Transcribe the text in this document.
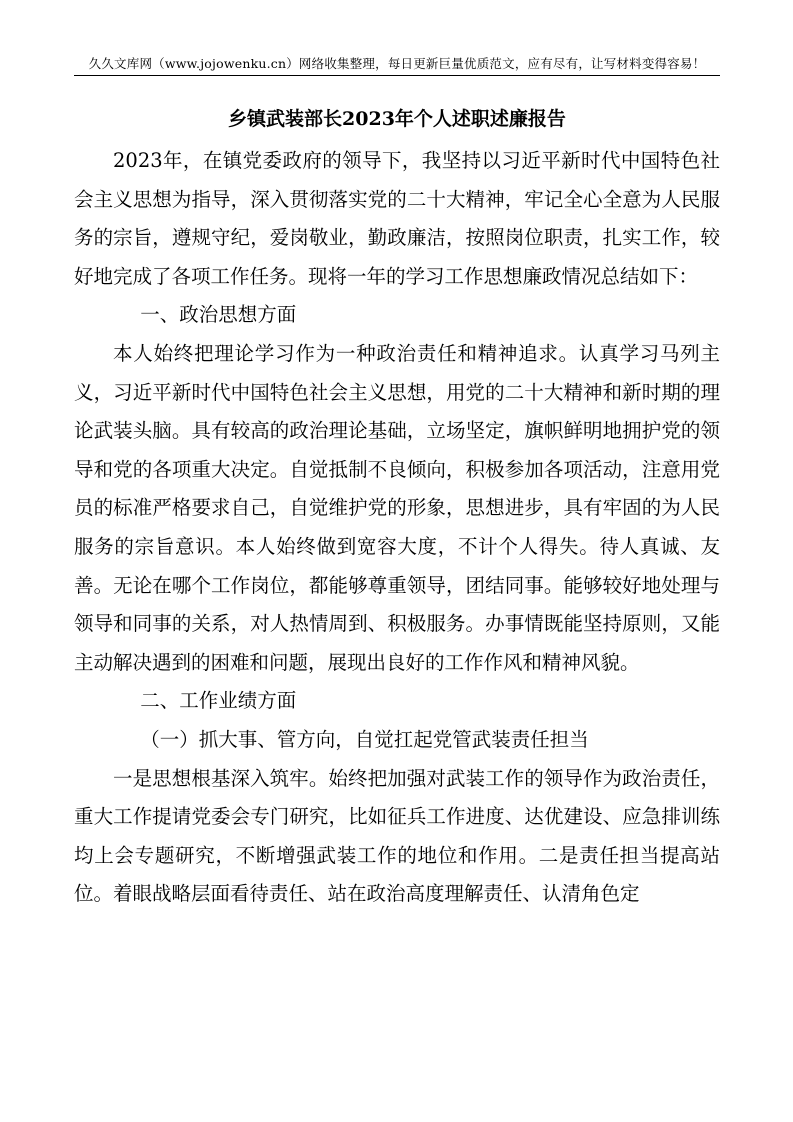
久久文库网（www.jojowenku.cn）网络收集整理，每日更新巨量优质范文，应有尽有，让写材料变得容易！
乡镇武装部长2023年个人述职述廉报告

2023年，在镇党委政府的领导下，我坚持以习近平新时代中国特色社会主义思想为指导，深入贯彻落实党的二十大精神，牢记全心全意为人民服务的宗旨，遵规守纪，爱岗敬业，勤政廉洁，按照岗位职责，扎实工作，较好地完成了各项工作任务。现将一年的学习工作思想廉政情况总结如下：

一、政治思想方面

本人始终把理论学习作为一种政治责任和精神追求。认真学习马列主义，习近平新时代中国特色社会主义思想，用党的二十大精神和新时期的理论武装头脑。具有较高的政治理论基础，立场坚定，旗帜鲜明地拥护党的领导和党的各项重大决定。自觉抵制不良倾向，积极参加各项活动，注意用党员的标准严格要求自己，自觉维护党的形象，思想进步，具有牢固的为人民服务的宗旨意识。本人始终做到宽容大度，不计个人得失。待人真诚、友善。无论在哪个工作岗位，都能够尊重领导，团结同事。能够较好地处理与领导和同事的关系，对人热情周到、积极服务。办事情既能坚持原则，又能主动解决遇到的困难和问题，展现出良好的工作作风和精神风貌。

二、工作业绩方面

（一）抓大事、管方向，自觉扛起党管武装责任担当

一是思想根基深入筑牢。始终把加强对武装工作的领导作为政治责任，重大工作提请党委会专门研究，比如征兵工作进度、达优建设、应急排训练均上会专题研究，不断增强武装工作的地位和作用。二是责任担当提高站位。着眼战略层面看待责任、站在政治高度理解责任、认清角色定
